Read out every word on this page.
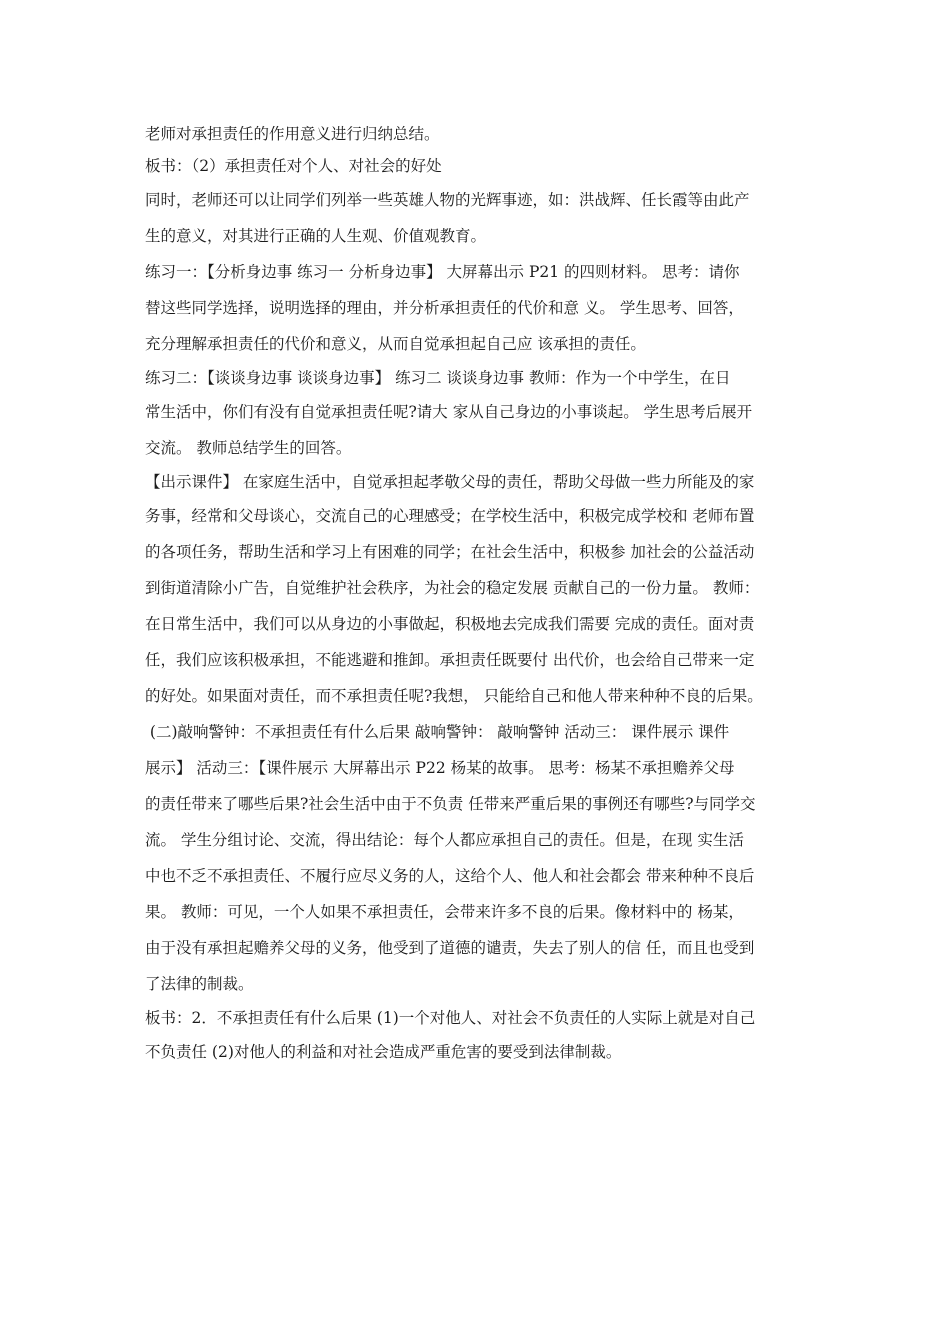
老师对承担责任的作用意义进行归纳总结。
板书：（2）承担责任对个人、对社会的好处
同时，老师还可以让同学们列举一些英雄人物的光辉事迹，如：洪战辉、任长霞等由此产
生的意义，对其进行正确的人生观、价值观教育。
练习一：【分析身边事 练习一 分析身边事】 大屏幕出示 P21 的四则材料。 思考：请你
替这些同学选择，说明选择的理由，并分析承担责任的代价和意 义。 学生思考、回答，
充分理解承担责任的代价和意义，从而自觉承担起自己应 该承担的责任。
练习二：【谈谈身边事 谈谈身边事】 练习二 谈谈身边事 教师：作为一个中学生，在日
常生活中，你们有没有自觉承担责任呢?请大 家从自己身边的小事谈起。 学生思考后展开
交流。 教师总结学生的回答。
【出示课件】 在家庭生活中，自觉承担起孝敬父母的责任，帮助父母做一些力所能及的家
务事，经常和父母谈心，交流自己的心理感受；在学校生活中，积极完成学校和 老师布置
的各项任务，帮助生活和学习上有困难的同学；在社会生活中，积极参 加社会的公益活动
到街道清除小广告，自觉维护社会秩序，为社会的稳定发展 贡献自己的一份力量。 教师：
在日常生活中，我们可以从身边的小事做起，积极地去完成我们需要 完成的责任。面对责
任，我们应该积极承担，不能逃避和推卸。承担责任既要付 出代价，也会给自己带来一定
的好处。如果面对责任，而不承担责任呢?我想， 只能给自己和他人带来种种不良的后果。
(二)敲响警钟：不承担责任有什么后果 敲响警钟： 敲响警钟 活动三： 课件展示 课件
展示】 活动三：【课件展示 大屏幕出示 P22 杨某的故事。 思考：杨某不承担赡养父母
的责任带来了哪些后果?社会生活中由于不负责 任带来严重后果的事例还有哪些?与同学交
流。 学生分组讨论、交流，得出结论：每个人都应承担自己的责任。但是，在现 实生活
中也不乏不承担责任、不履行应尽义务的人，这给个人、他人和社会都会 带来种种不良后
果。 教师：可见，一个人如果不承担责任，会带来许多不良的后果。像材料中的 杨某，
由于没有承担起赡养父母的义务，他受到了道德的谴责，失去了别人的信 任，而且也受到
了法律的制裁。
板书：2．不承担责任有什么后果 (1)一个对他人、对社会不负责任的人实际上就是对自己
不负责任 (2)对他人的利益和对社会造成严重危害的要受到法律制裁。
